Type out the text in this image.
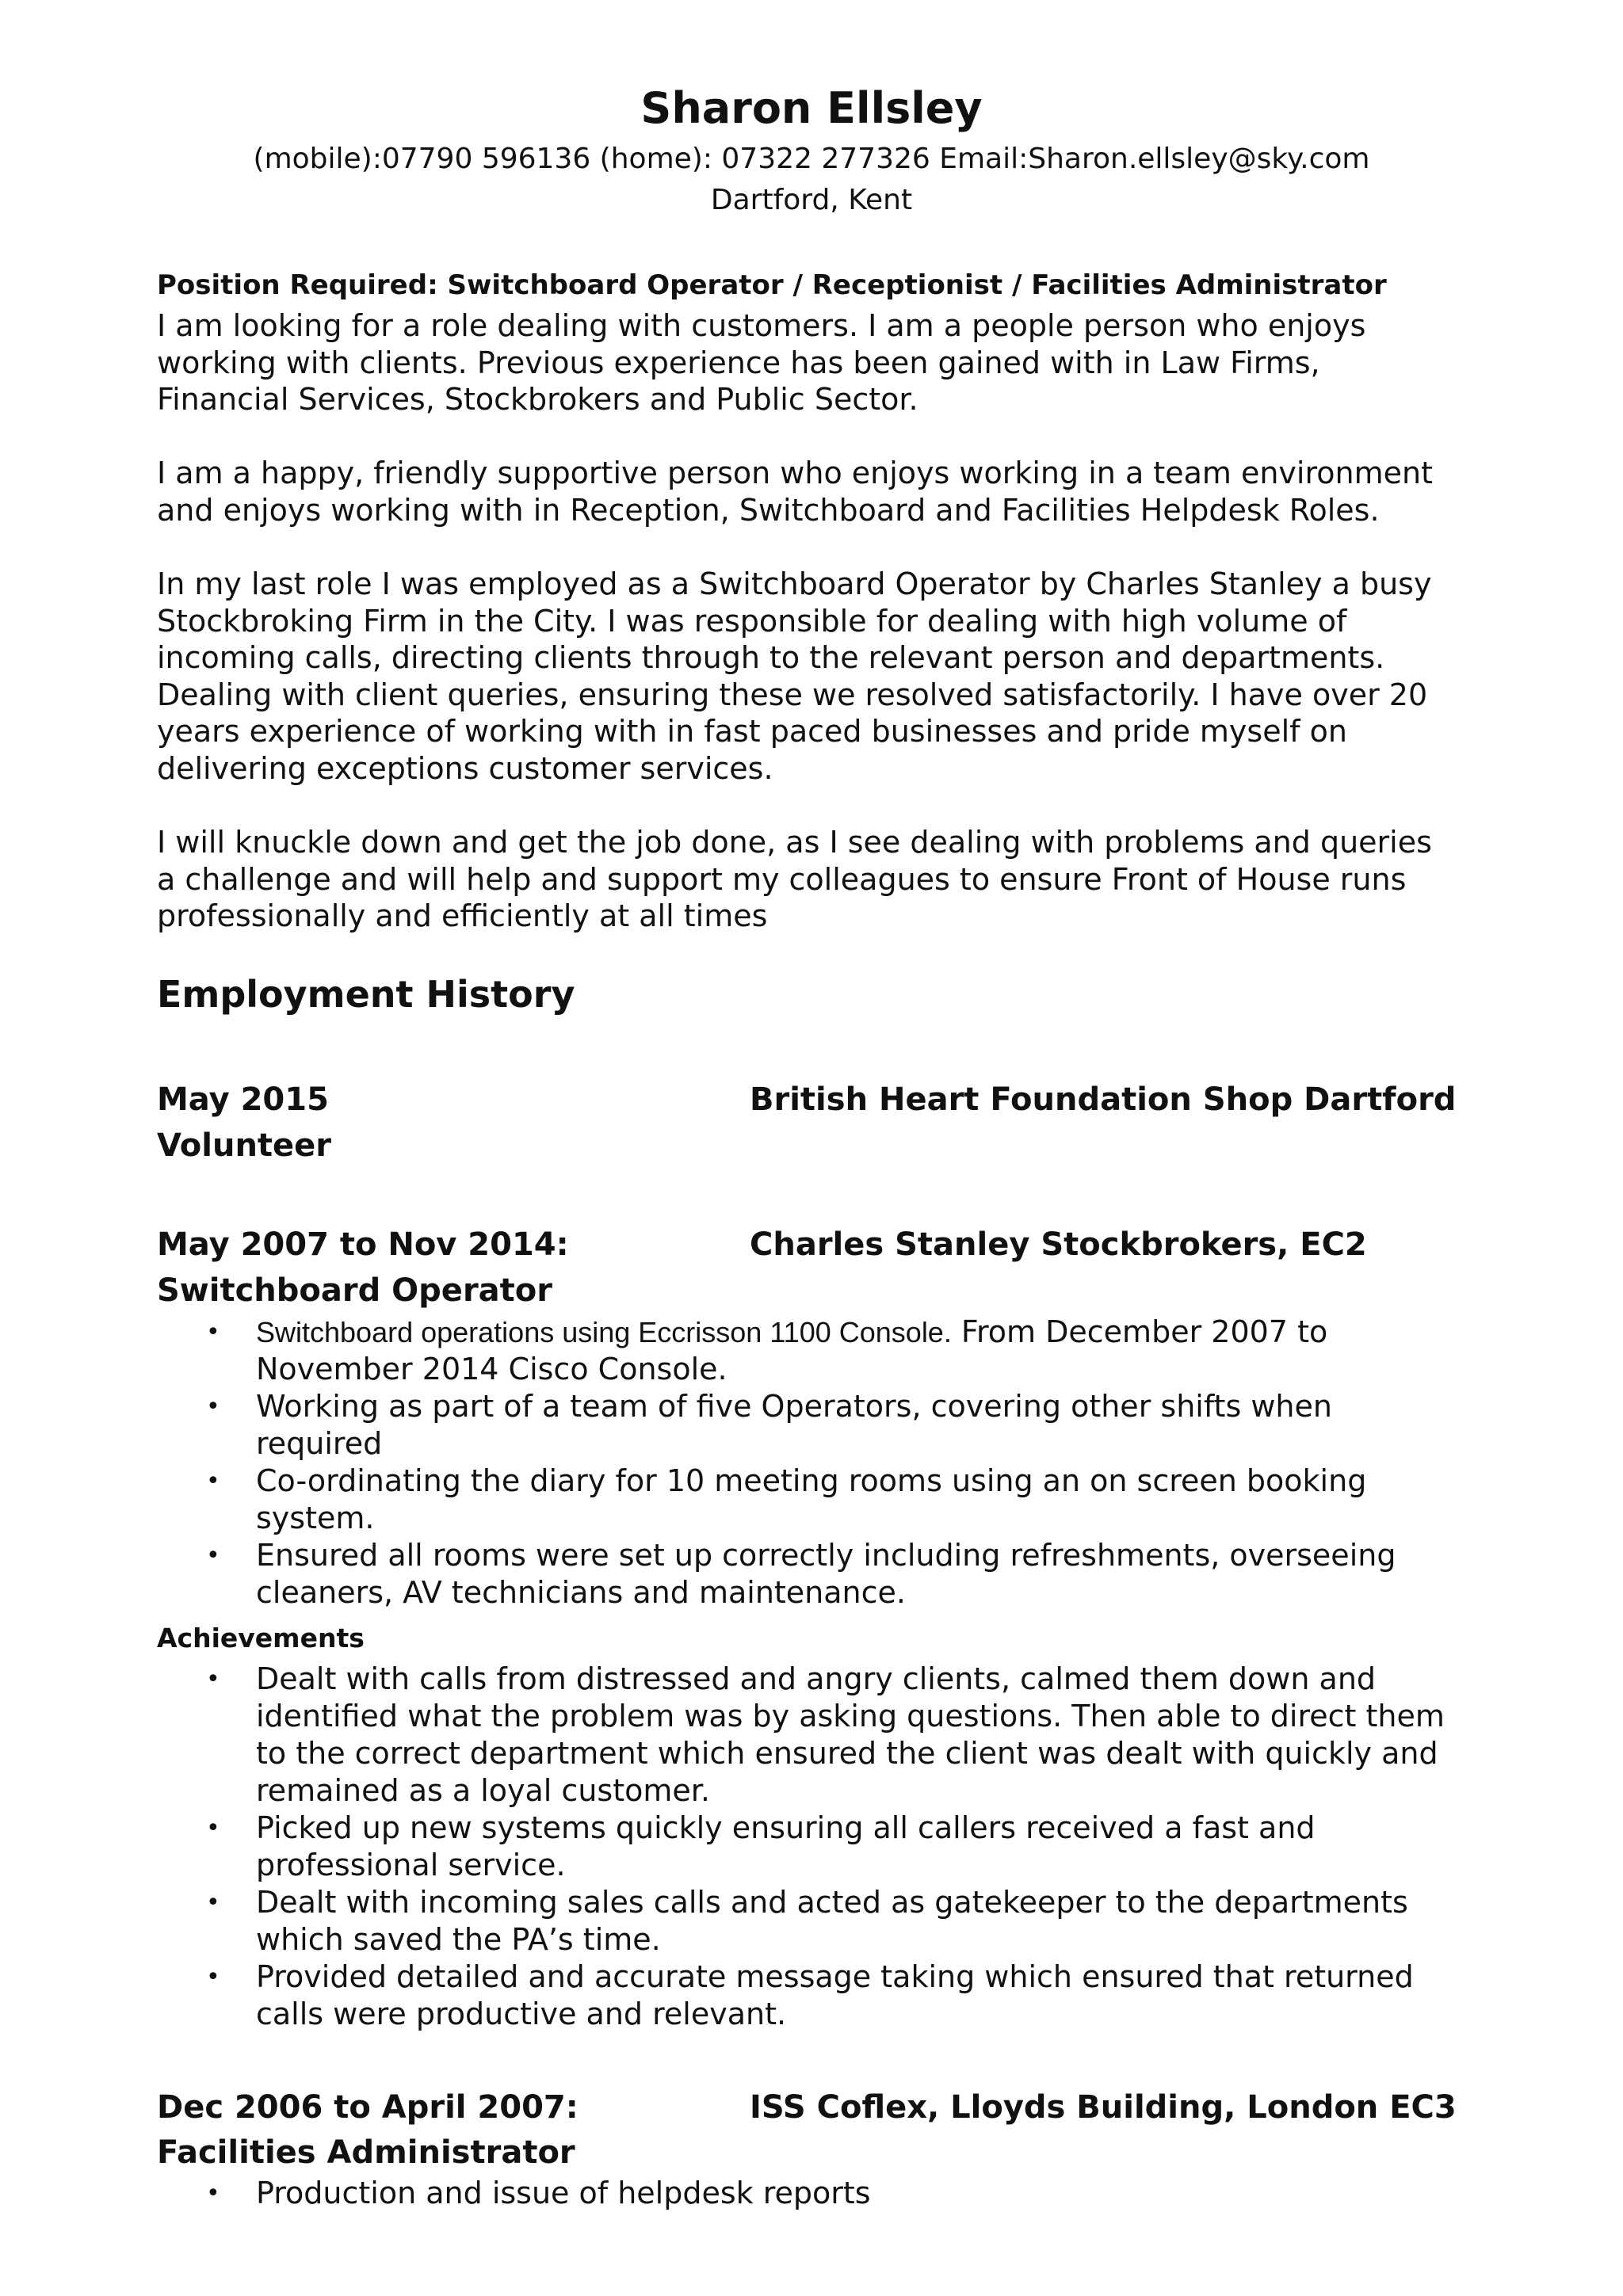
Sharon Ellsley
(mobile):07790 596136 (home): 07322 277326 Email:Sharon.ellsley@sky.com
Dartford, Kent
Position Required: Switchboard Operator / Receptionist / Facilities Administrator
I am looking for a role dealing with customers. I am a people person who enjoys
working with clients. Previous experience has been gained with in Law Firms,
Financial Services, Stockbrokers and Public Sector.
I am a happy, friendly supportive person who enjoys working in a team environment
and enjoys working with in Reception, Switchboard and Facilities Helpdesk Roles.
In my last role I was employed as a Switchboard Operator by Charles Stanley a busy
Stockbroking Firm in the City. I was responsible for dealing with high volume of
incoming calls, directing clients through to the relevant person and departments.
Dealing with client queries, ensuring these we resolved satisfactorily. I have over 20
years experience of working with in fast paced businesses and pride myself on
delivering exceptions customer services.
I will knuckle down and get the job done, as I see dealing with problems and queries
a challenge and will help and support my colleagues to ensure Front of House runs
professionally and efficiently at all times
Employment History
May 2015	British Heart Foundation Shop Dartford
Volunteer
May 2007 to Nov 2014:	Charles Stanley Stockbrokers, EC2
Switchboard Operator
• Switchboard operations using Eccrisson 1100 Console. From December 2007 to
November 2014 Cisco Console.
• Working as part of a team of five Operators, covering other shifts when
required
• Co-ordinating the diary for 10 meeting rooms using an on screen booking
system.
• Ensured all rooms were set up correctly including refreshments, overseeing
cleaners, AV technicians and maintenance.
Achievements
• Dealt with calls from distressed and angry clients, calmed them down and
identified what the problem was by asking questions. Then able to direct them
to the correct department which ensured the client was dealt with quickly and
remained as a loyal customer.
• Picked up new systems quickly ensuring all callers received a fast and
professional service.
• Dealt with incoming sales calls and acted as gatekeeper to the departments
which saved the PA’s time.
• Provided detailed and accurate message taking which ensured that returned
calls were productive and relevant.
Dec 2006 to April 2007:	ISS Coflex, Lloyds Building, London EC3
Facilities Administrator
• Production and issue of helpdesk reports
